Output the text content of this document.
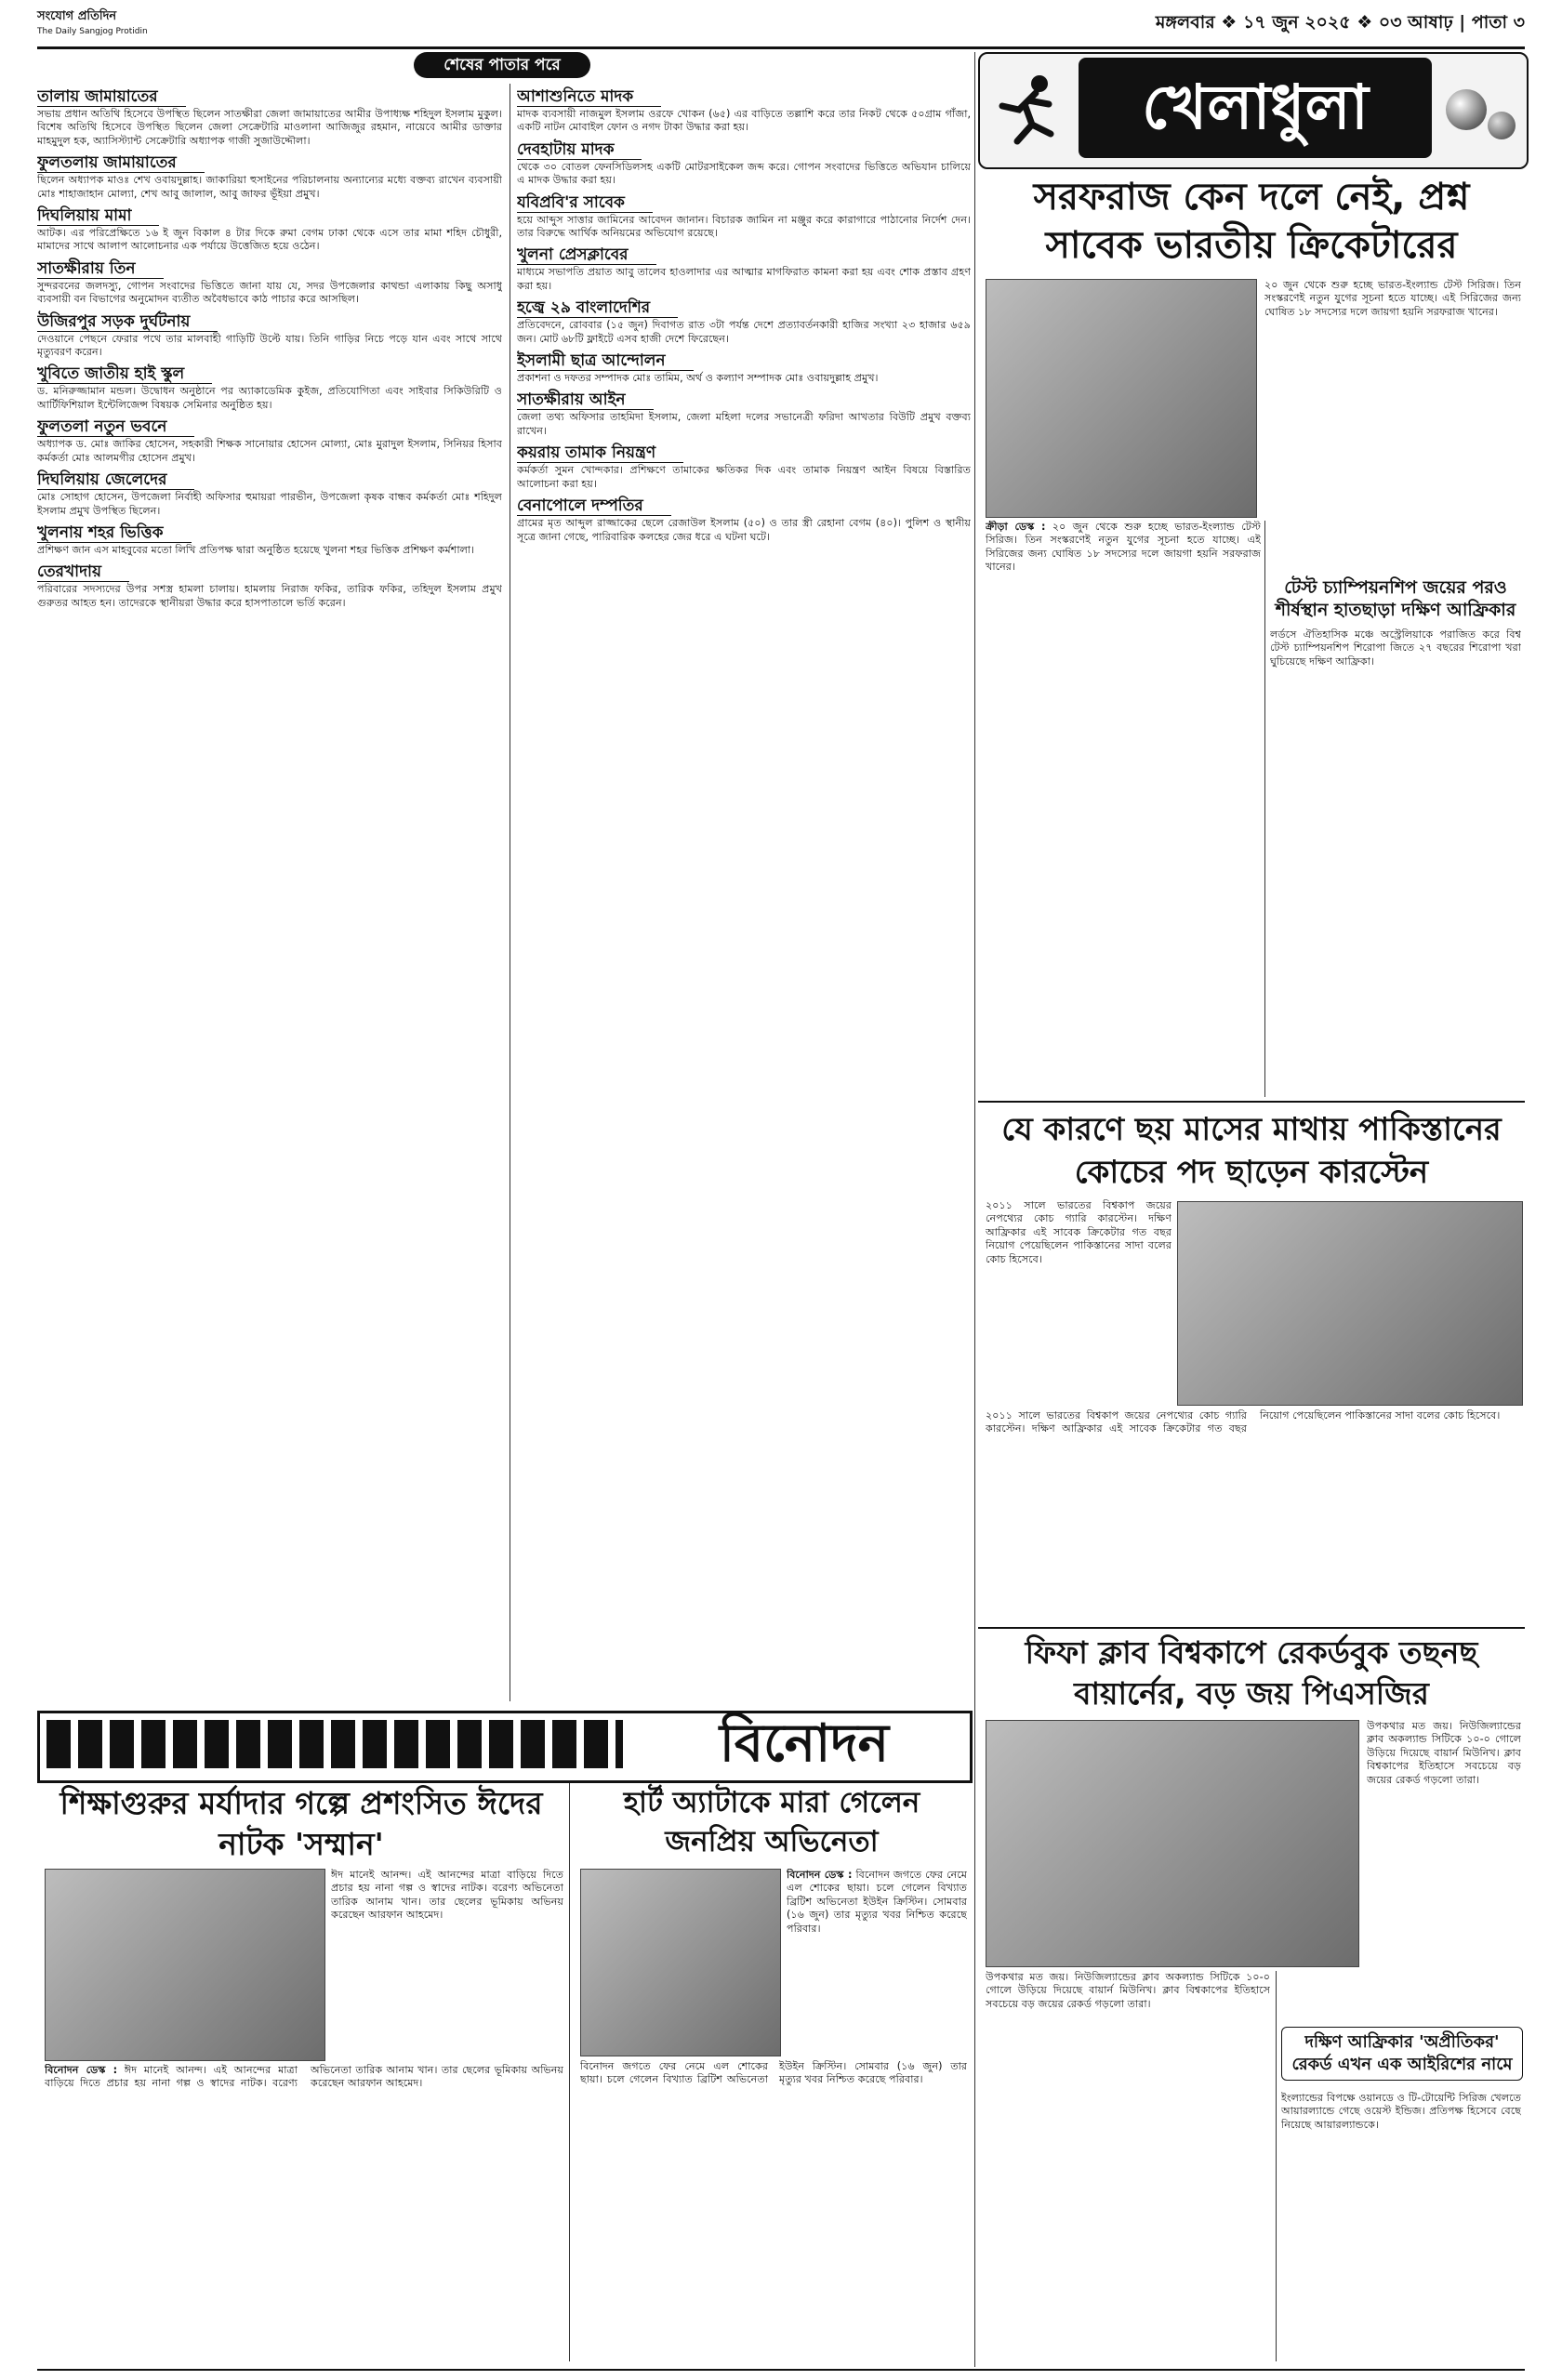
সংযোগ প্রতিদিন
The Daily Sangjog Protidin	মঙ্গলবার ❖ ১৭ জুন ২০২৫ ❖ ০৩ আষাঢ় | পাতা ৩
শেষের পাতার পরে
তালায় জামায়াতের

সভায় প্রধান অতিথি হিসেবে উপস্থিত ছিলেন সাতক্ষীরা জেলা জামায়াতের আমীর উপাধ্যক্ষ শহিদুল ইসলাম মুকুল। বিশেষ অতিথি হিসেবে উপস্থিত ছিলেন জেলা সেক্রেটারি মাওলানা আজিজুর রহমান, নায়েবে আমীর ডাক্তার মাহমুদুল হক, অ্যাসিস্ট্যান্ট সেক্রেটারি অধ্যাপক গাজী সুজাউদ্দৌলা।

ফুলতলায় জামায়াতের

ছিলেন অধ্যাপক মাওঃ শেখ ওবায়দুল্লাহ। জাকারিয়া হুসাইনের পরিচালনায় অন্যান্যের মধ্যে বক্তব্য রাখেন ব্যবসায়ী মোঃ শাহাজাহান মোল্যা, শেখ আবু জালাল, আবু জাফর ভূঁইয়া প্রমুখ।

দিঘলিয়ায় মামা

আটক। এর পরিপ্রেক্ষিতে ১৬ ই জুন বিকাল ৪ টার দিকে রুমা বেগম ঢাকা থেকে এসে তার মামা শহিদ চৌধুরী, মামাদের সাথে আলাপ আলোচনার এক পর্যায়ে উত্তেজিত হয়ে ওঠেন।

সাতক্ষীরায় তিন

সুন্দরবনের জলদস্যু, গোপন সংবাদের ভিত্তিতে জানা যায় যে, সদর উপজেলার কাথন্ডা এলাকায় কিছু অসাধু ব্যবসায়ী বন বিভাগের অনুমোদন ব্যতীত অবৈধভাবে কাঠ পাচার করে আসছিল।

উজিরপুর সড়ক দুর্ঘটনায়

দেওয়ানে পেছনে ফেরার পথে তার মালবাহী গাড়িটি উল্টে যায়। তিনি গাড়ির নিচে পড়ে যান এবং সাথে সাথে মৃত্যুবরণ করেন।

খুবিতে জাতীয় হাই স্কুল

ড. মনিরুজ্জামান মন্ডল। উদ্বোধন অনুষ্ঠানে পর অ্যাকাডেমিক কুইজ, প্রতিযোগিতা এবং সাইবার সিকিউরিটি ও আর্টিফিশিয়াল ইন্টেলিজেন্স বিষয়ক সেমিনার অনুষ্ঠিত হয়।

ফুলতলা নতুন ভবনে

অধ্যাপক ড. মোঃ জাকির হোসেন, সহকারী শিক্ষক সানোয়ার হোসেন মোল্যা, মোঃ মুরাদুল ইসলাম, সিনিয়র হিসাব কর্মকর্তা মোঃ আলমগীর হোসেন প্রমুখ।

দিঘলিয়ায় জেলেদের

মোঃ সোহাগ হোসেন, উপজেলা নির্বাহী অফিসার হুমায়রা পারভীন, উপজেলা কৃষক বান্ধব কর্মকর্তা মোঃ শহিদুল ইসলাম প্রমুখ উপস্থিত ছিলেন।

খুলনায় শহর ভিত্তিক

প্রশিক্ষণ জান এস মাহবুবের মতো লিখি প্রতিপক্ষ দ্বারা অনুষ্ঠিত হয়েছে খুলনা শহর ভিত্তিক প্রশিক্ষণ কর্মশালা।

তেরখাদায়

পরিবারের সদস্যদের উপর সশস্ত্র হামলা চালায়। হামলায় নিরাজ ফকির, তারিক ফকির, তহিদুল ইসলাম প্রমুখ গুরুতর আহত হন। তাদেরকে স্থানীয়রা উদ্ধার করে হাসপাতালে ভর্তি করেন।

আশাশুনিতে মাদক

মাদক ব্যবসায়ী নাজমুল ইসলাম ওরফে খোকন (৬৫) এর বাড়িতে তল্লাশি করে তার নিকট থেকে ৫০গ্রাম গাঁজা, একটি নাটন মোবাইল ফোন ও নগদ টাকা উদ্ধার করা হয়।

দেবহাটায় মাদক

থেকে ৩০ বোতল ফেনসিডিলসহ একটি মোটরসাইকেল জব্দ করে। গোপন সংবাদের ভিত্তিতে অভিযান চালিয়ে এ মাদক উদ্ধার করা হয়।

যবিপ্রবি'র সাবেক

হয়ে আব্দুস সাত্তার জামিনের আবেদন জানান। বিচারক জামিন না মঞ্জুর করে কারাগারে পাঠানোর নির্দেশ দেন। তার বিরুদ্ধে আর্থিক অনিয়মের অভিযোগ রয়েছে।

খুলনা প্রেসক্লাবের

মাধ্যমে সভাপতি প্রয়াত আবু তালেব হাওলাদার এর আত্মার মাগফিরাত কামনা করা হয় এবং শোক প্রস্তাব গ্রহণ করা হয়।

হজ্বে ২৯ বাংলাদেশির

প্রতিবেদনে, রোববার (১৫ জুন) দিবাগত রাত ৩টা পর্যন্ত দেশে প্রত্যাবর্তনকারী হাজির সংখ্যা ২৩ হাজার ৬৫৯ জন। মোট ৬৮টি ফ্লাইটে এসব হাজী দেশে ফিরেছেন।

ইসলামী ছাত্র আন্দোলন

প্রকাশনা ও দফতর সম্পাদক মোঃ তামিম, অর্থ ও কল্যাণ সম্পাদক মোঃ ওবায়দুল্লাহ প্রমুখ।

সাতক্ষীরায় আইন

জেলা তথ্য অফিসার তাহমিদা ইসলাম, জেলা মহিলা দলের সভানেত্রী ফরিদা আখতার বিউটি প্রমুখ বক্তব্য রাখেন।

কয়রায় তামাক নিয়ন্ত্রণ

কর্মকর্তা সুমন খোন্দকার। প্রশিক্ষণে তামাকের ক্ষতিকর দিক এবং তামাক নিয়ন্ত্রণ আইন বিষয়ে বিস্তারিত আলোচনা করা হয়।

বেনাপোলে দম্পতির

গ্রামের মৃত আব্দুল রাজ্জাকের ছেলে রেজাউল ইসলাম (৫০) ও তার স্ত্রী রেহানা বেগম (৪০)। পুলিশ ও স্থানীয় সূত্রে জানা গেছে, পারিবারিক কলহের জের ধরে এ ঘটনা ঘটে।

খেলাধুলা
সরফরাজ কেন দলে নেই, প্রশ্ন সাবেক ভারতীয় ক্রিকেটারের

২০ জুন থেকে শুরু হচ্ছে ভারত-ইংল্যান্ড টেস্ট সিরিজ। তিন সংস্করণেই নতুন যুগের সূচনা হতে যাচ্ছে। এই সিরিজের জন্য ঘোষিত ১৮ সদস্যের দলে জায়গা হয়নি সরফরাজ খানের।

ক্রীড়া ডেস্ক : ২০ জুন থেকে শুরু হচ্ছে ভারত-ইংল্যান্ড টেস্ট সিরিজ। তিন সংস্করণেই নতুন যুগের সূচনা হতে যাচ্ছে। এই সিরিজের জন্য ঘোষিত ১৮ সদস্যের দলে জায়গা হয়নি সরফরাজ খানের।

টেস্ট চ্যাম্পিয়নশিপ জয়ের পরও শীর্ষস্থান হাতছাড়া দক্ষিণ আফ্রিকার

লর্ডসে ঐতিহাসিক মঞ্চে অস্ট্রেলিয়াকে পরাজিত করে বিশ্ব টেস্ট চ্যাম্পিয়নশিপ শিরোপা জিতে ২৭ বছরের শিরোপা খরা ঘুচিয়েছে দক্ষিণ আফ্রিকা।

যে কারণে ছয় মাসের মাথায় পাকিস্তানের কোচের পদ ছাড়েন কারস্টেন

২০১১ সালে ভারতের বিশ্বকাপ জয়ের নেপথ্যের কোচ গ্যারি কারস্টেন। দক্ষিণ আফ্রিকার এই সাবেক ক্রিকেটার গত বছর নিয়োগ পেয়েছিলেন পাকিস্তানের সাদা বলের কোচ হিসেবে।

২০১১ সালে ভারতের বিশ্বকাপ জয়ের নেপথ্যের কোচ গ্যারি কারস্টেন। দক্ষিণ আফ্রিকার এই সাবেক ক্রিকেটার গত বছর নিয়োগ পেয়েছিলেন পাকিস্তানের সাদা বলের কোচ হিসেবে।

ফিফা ক্লাব বিশ্বকাপে রেকর্ডবুক তছনছ বায়ার্নের, বড় জয় পিএসজির

উপকথার মত জয়। নিউজিল্যান্ডের ক্লাব অকল্যান্ড সিটিকে ১০-০ গোলে উড়িয়ে দিয়েছে বায়ার্ন মিউনিখ। ক্লাব বিশ্বকাপের ইতিহাসে সবচেয়ে বড় জয়ের রেকর্ড গড়লো তারা।

উপকথার মত জয়। নিউজিল্যান্ডের ক্লাব অকল্যান্ড সিটিকে ১০-০ গোলে উড়িয়ে দিয়েছে বায়ার্ন মিউনিখ। ক্লাব বিশ্বকাপের ইতিহাসে সবচেয়ে বড় জয়ের রেকর্ড গড়লো তারা।

দক্ষিণ আফ্রিকার 'অপ্রীতিকর' রেকর্ড এখন এক আইরিশের নামে

ইংল্যান্ডের বিপক্ষে ওয়ানডে ও টি-টোয়েন্টি সিরিজ খেলতে আয়ারল্যান্ডে গেছে ওয়েস্ট ইন্ডিজ। প্রতিপক্ষ হিসেবে বেছে নিয়েছে আয়ারল্যান্ডকে।

বিনোদন
শিক্ষাগুরুর মর্যাদার গল্পে প্রশংসিত ঈদের নাটক 'সম্মান'

ঈদ মানেই আনন্দ। এই আনন্দের মাত্রা বাড়িয়ে দিতে প্রচার হয় নানা গল্প ও স্বাদের নাটক। বরেণ্য অভিনেতা তারিক আনাম খান। তার ছেলের ভূমিকায় অভিনয় করেছেন আরফান আহমেদ।

বিনোদন ডেস্ক : ঈদ মানেই আনন্দ। এই আনন্দের মাত্রা বাড়িয়ে দিতে প্রচার হয় নানা গল্প ও স্বাদের নাটক। বরেণ্য অভিনেতা তারিক আনাম খান। তার ছেলের ভূমিকায় অভিনয় করেছেন আরফান আহমেদ।

হার্ট অ্যাটাকে মারা গেলেন জনপ্রিয় অভিনেতা

বিনোদন ডেস্ক : বিনোদন জগতে ফের নেমে এল শোকের ছায়া। চলে গেলেন বিখ্যাত ব্রিটিশ অভিনেতা ইউইন ক্রিস্টিন। সোমবার (১৬ জুন) তার মৃত্যুর খবর নিশ্চিত করেছে পরিবার।

বিনোদন জগতে ফের নেমে এল শোকের ছায়া। চলে গেলেন বিখ্যাত ব্রিটিশ অভিনেতা ইউইন ক্রিস্টিন। সোমবার (১৬ জুন) তার মৃত্যুর খবর নিশ্চিত করেছে পরিবার।
